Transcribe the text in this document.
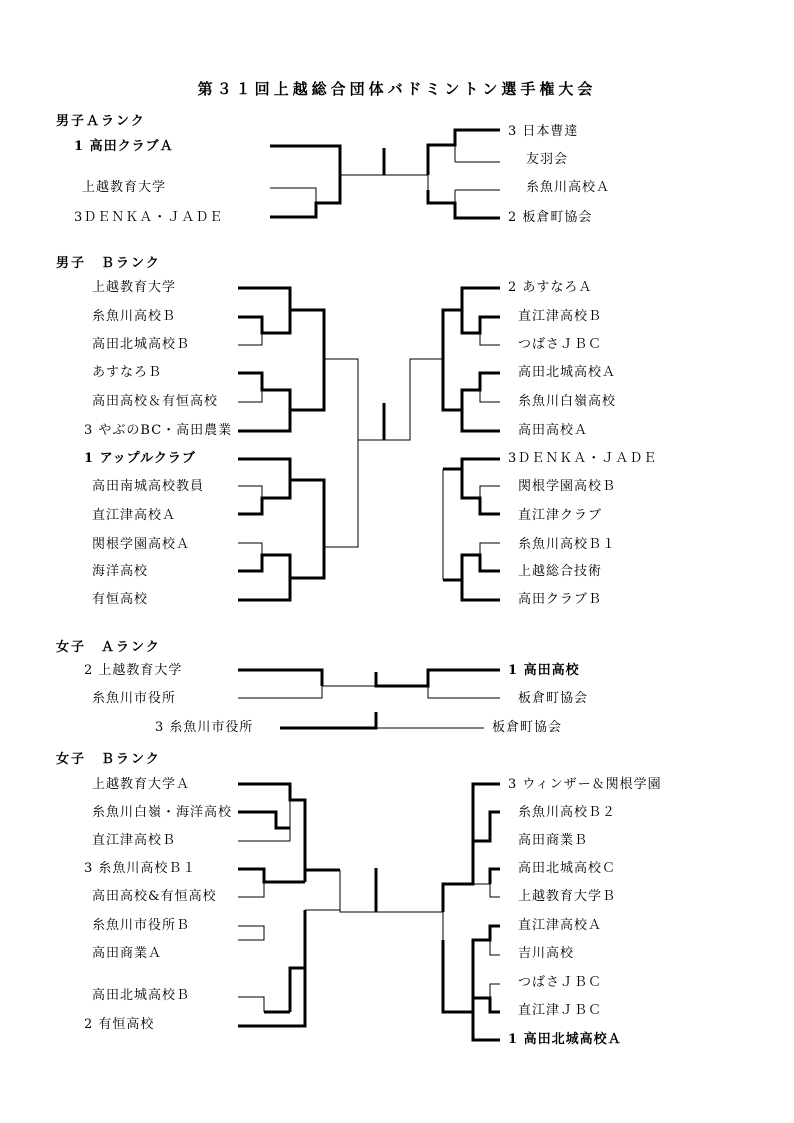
第３１回上越総合団体バドミントン選手権大会
男子Ａランク
男子　Ｂランク
女子　Ａランク
女子　Ｂランク
1 高田クラブＡ
上越教育大学
3ＤＥＮＫＡ・ＪＡＤＥ
3 日本曹達
友羽会
糸魚川高校Ａ
2 板倉町協会
上越教育大学
糸魚川高校Ｂ
高田北城高校Ｂ
あすなろＢ
高田高校＆有恒高校
3 やぶのBC・高田農業
1 アップルクラブ
高田南城高校教員
直江津高校Ａ
関根学園高校Ａ
海洋高校
有恒高校
2 あすなろＡ
直江津高校Ｂ
つばさＪＢＣ
高田北城高校Ａ
糸魚川白嶺高校
高田高校Ａ
3ＤＥＮＫＡ・ＪＡＤＥ
関根学園高校Ｂ
直江津クラブ
糸魚川高校Ｂ１
上越総合技術
高田クラブＢ
2 上越教育大学
糸魚川市役所
1 高田高校
板倉町協会
3 糸魚川市役所	板倉町協会
上越教育大学Ａ
糸魚川白嶺・海洋高校
直江津高校Ｂ
3 糸魚川高校Ｂ１
高田高校&有恒高校
糸魚川市役所Ｂ
高田商業Ａ
高田北城高校Ｂ
2 有恒高校
3 ウィンザー＆関根学園
糸魚川高校Ｂ２
高田商業Ｂ
高田北城高校Ｃ
上越教育大学Ｂ
直江津高校Ａ
吉川高校
つばさＪＢＣ
直江津ＪＢＣ
1 高田北城高校Ａ
